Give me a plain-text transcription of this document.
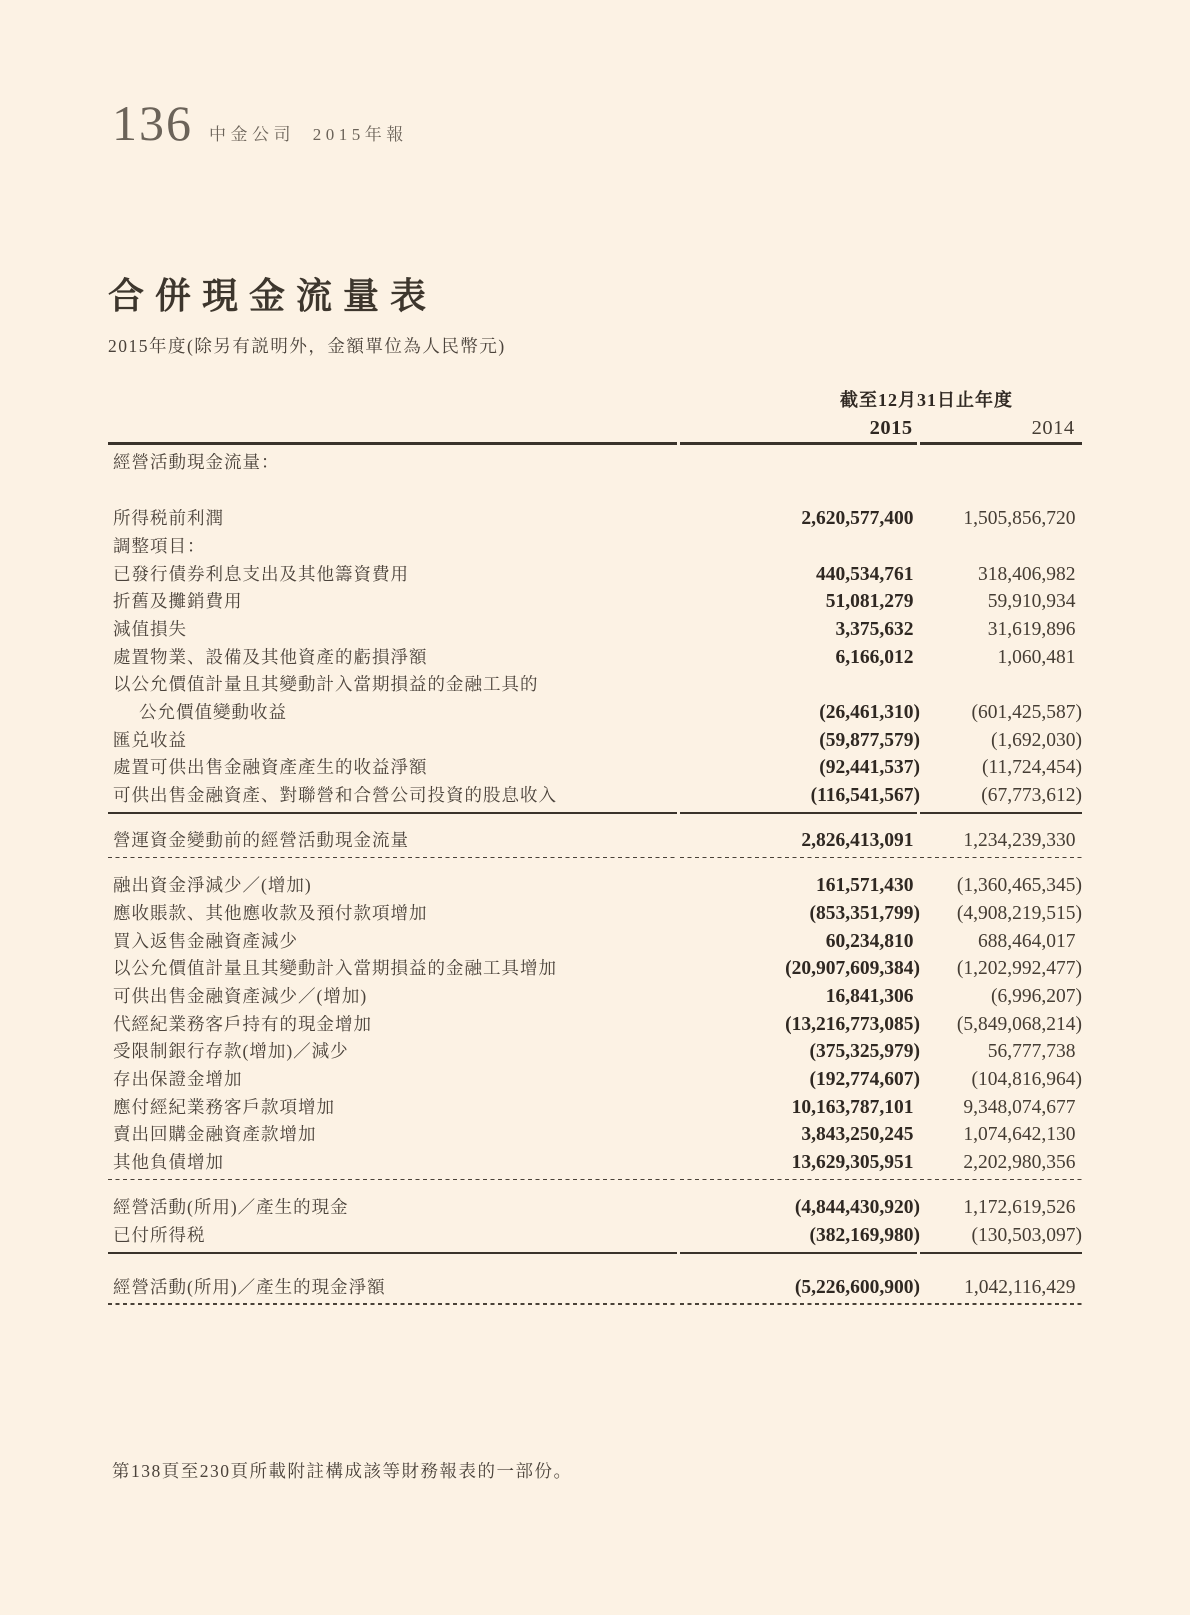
136 中金公司 2015年報
合併現金流量表
2015年度(除另有説明外，金額單位為人民幣元)
截至12月31日止年度
2015	2014
經營活動現金流量：
所得税前利潤	2,620,577,400	1,505,856,720
調整項目：
已發行債券利息支出及其他籌資費用	440,534,761	318,406,982
折舊及攤銷費用	51,081,279	59,910,934
減值損失	3,375,632	31,619,896
處置物業、設備及其他資產的虧損淨額	6,166,012	1,060,481
以公允價值計量且其變動計入當期損益的金融工具的
公允價值變動收益	(26,461,310)	(601,425,587)
匯兑收益	(59,877,579)	(1,692,030)
處置可供出售金融資產產生的收益淨額	(92,441,537)	(11,724,454)
可供出售金融資產、對聯營和合營公司投資的股息收入	(116,541,567)	(67,773,612)
營運資金變動前的經營活動現金流量	2,826,413,091	1,234,239,330
融出資金淨減少／(增加)	161,571,430	(1,360,465,345)
應收賬款、其他應收款及預付款項增加	(853,351,799)	(4,908,219,515)
買入返售金融資產減少	60,234,810	688,464,017
以公允價值計量且其變動計入當期損益的金融工具增加	(20,907,609,384)	(1,202,992,477)
可供出售金融資產減少／(增加)	16,841,306	(6,996,207)
代經紀業務客戶持有的現金增加	(13,216,773,085)	(5,849,068,214)
受限制銀行存款(增加)／減少	(375,325,979)	56,777,738
存出保證金增加	(192,774,607)	(104,816,964)
應付經紀業務客戶款項增加	10,163,787,101	9,348,074,677
賣出回購金融資產款增加	3,843,250,245	1,074,642,130
其他負債增加	13,629,305,951	2,202,980,356
經營活動(所用)／產生的現金	(4,844,430,920)	1,172,619,526
已付所得税	(382,169,980)	(130,503,097)
經營活動(所用)／產生的現金淨額	(5,226,600,900)	1,042,116,429
第138頁至230頁所載附註構成該等財務報表的一部份。
